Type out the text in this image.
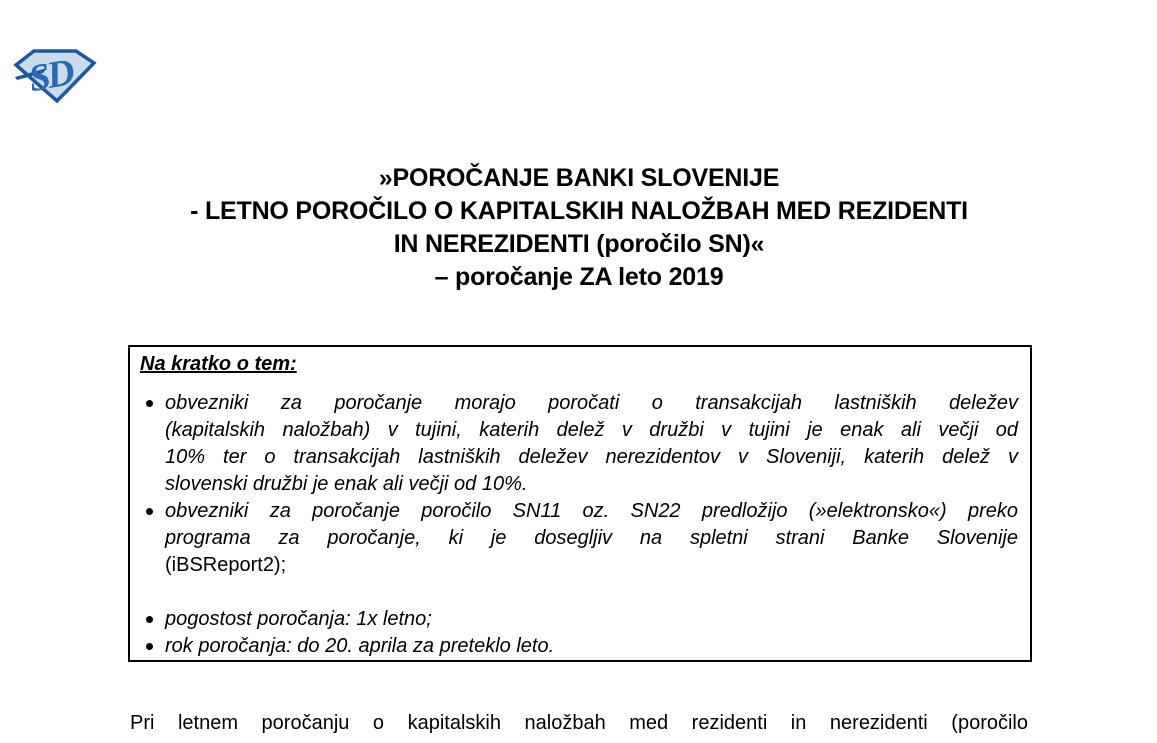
SD
»POROČANJE BANKI SLOVENIJE
- LETNO POROČILO O KAPITALSKIH NALOŽBAH MED REZIDENTI
IN NEREZIDENTI (poročilo SN)«
– poročanje ZA leto 2019
Na kratko o tem:
obvezniki za poročanje morajo poročati o transakcijah lastniških deležev
(kapitalskih naložbah) v tujini, katerih delež v družbi v tujini je enak ali večji od
10% ter o transakcijah lastniških deležev nerezidentov v Sloveniji, katerih delež v
slovenski družbi je enak ali večji od 10%.
obvezniki za poročanje poročilo SN11 oz. SN22 predložijo (»elektronsko«) preko
programa za poročanje, ki je dosegljiv na spletni strani Banke Slovenije
(iBSReport2);
pogostost poročanja: 1x letno;
rok poročanja: do 20. aprila za preteklo leto.
Pri letnem poročanju o kapitalskih naložbah med rezidenti in nerezidenti (poročilo
